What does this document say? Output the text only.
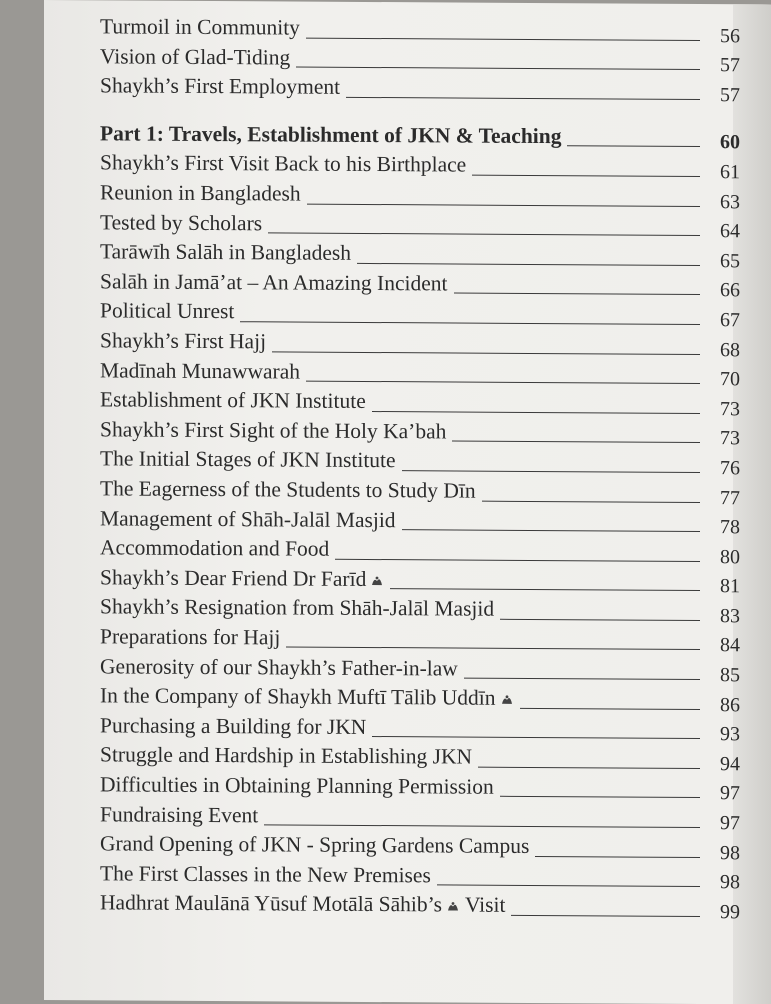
Turmoil in Community	56
Vision of Glad-Tiding	57
Shaykh’s First Employment	57
Part 1: Travels, Establishment of JKN & Teaching	60
Shaykh’s First Visit Back to his Birthplace	61
Reunion in Bangladesh	63
Tested by Scholars	64
Tarāwīh Salāh in Bangladesh	65
Salāh in Jamā’at – An Amazing Incident	66
Political Unrest	67
Shaykh’s First Hajj	68
Madīnah Munawwarah	70
Establishment of JKN Institute	73
Shaykh’s First Sight of the Holy Ka’bah	73
The Initial Stages of JKN Institute	76
The Eagerness of the Students to Study Dīn	77
Management of Shāh-Jalāl Masjid	78
Accommodation and Food	80
Shaykh’s Dear Friend Dr Farīd	81
Shaykh’s Resignation from Shāh-Jalāl Masjid	83
Preparations for Hajj	84
Generosity of our Shaykh’s Father-in-law	85
In the Company of Shaykh Muftī Tālib Uddīn	86
Purchasing a Building for JKN	93
Struggle and Hardship in Establishing JKN	94
Difficulties in Obtaining Planning Permission	97
Fundraising Event	97
Grand Opening of JKN - Spring Gardens Campus	98
The First Classes in the New Premises	98
Hadhrat Maulānā Yūsuf Motālā Sāhib’s Visit	99
